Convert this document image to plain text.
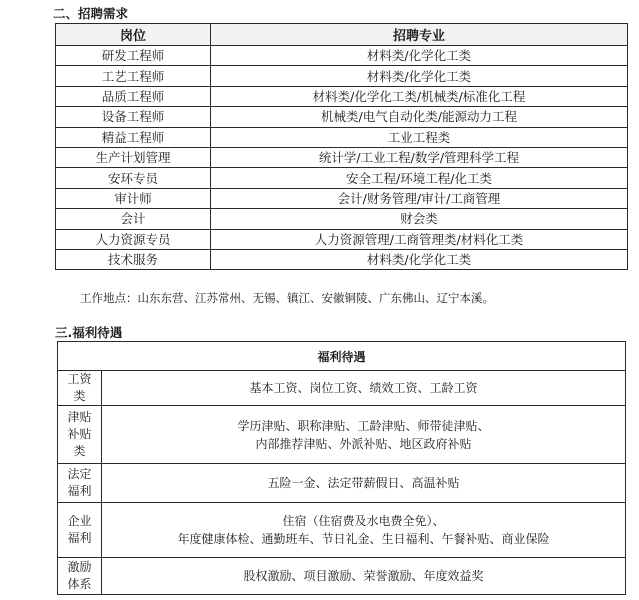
二、招聘需求
岗位	招聘专业
研发工程师	材料类/化学化工类
工艺工程师	材料类/化学化工类
品质工程师	材料类/化学化工类/机械类/标准化工程
设备工程师	机械类/电气自动化类/能源动力工程
精益工程师	工业工程类
生产计划管理	统计学/工业工程/数学/管理科学工程
安环专员	安全工程/环境工程/化工类
审计师	会计/财务管理/审计/工商管理
会计	财会类
人力资源专员	人力资源管理/工商管理类/材料化工类
技术服务	材料类/化学化工类
工作地点：山东东营、江苏常州、无锡、镇江、安徽铜陵、广东佛山、辽宁本溪。
三.福利待遇
福利待遇	

工资
类	基本工资、岗位工资、绩效工资、工龄工资

津贴
补贴
类	学历津贴、职称津贴、工龄津贴、师带徒津贴、
内部推荐津贴、外派补贴、地区政府补贴

法定
福利	五险一金、法定带薪假日、高温补贴

企业
福利	住宿（住宿费及水电费全免）、
年度健康体检、通勤班车、节日礼金、生日福利、午餐补贴、商业保险

激励
体系	股权激励、项目激励、荣誉激励、年度效益奖
